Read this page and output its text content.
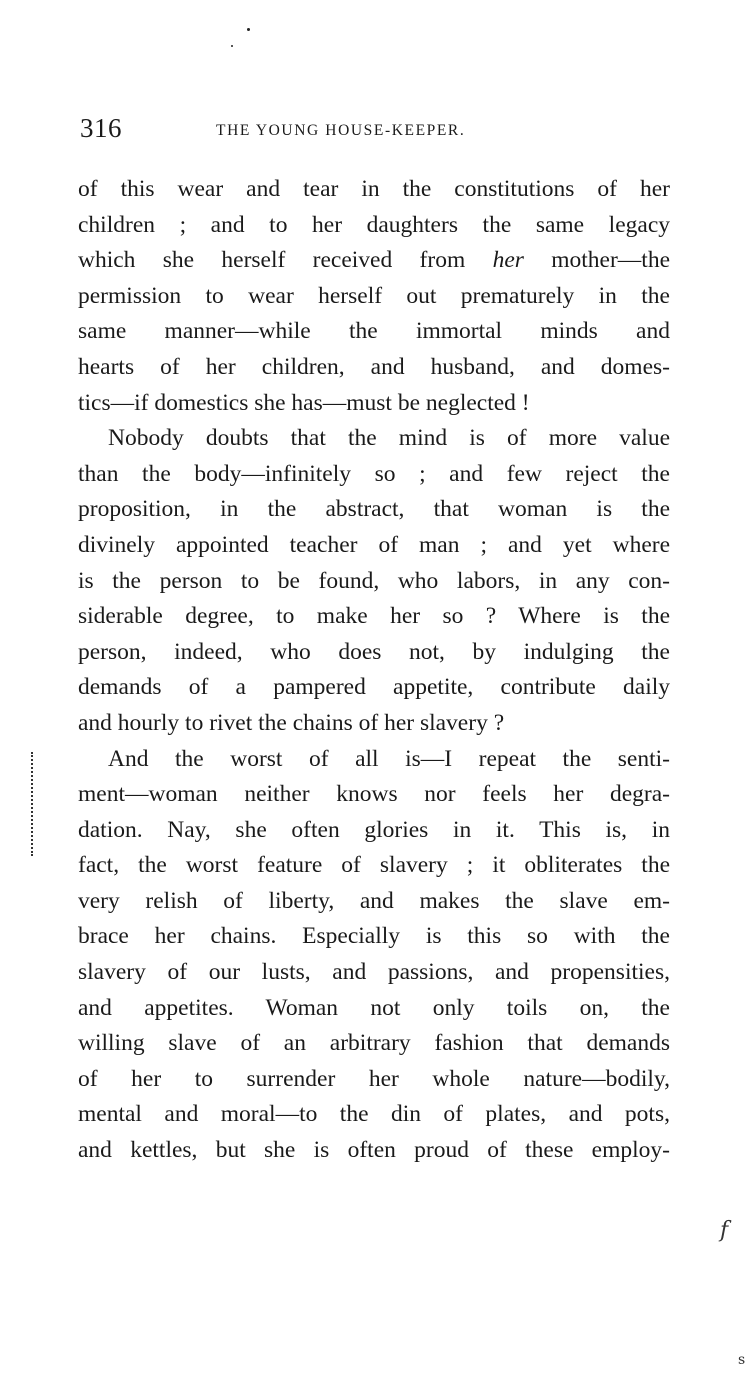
316	THE YOUNG HOUSE-KEEPER.
of this wear and tear in the constitutions of her
children ; and to her daughters the same legacy
which she herself received from her mother—the
permission to wear herself out prematurely in the
same manner—while the immortal minds and
hearts of her children, and husband, and domes-
tics—if domestics she has—must be neglected !
Nobody doubts that the mind is of more value
than the body—infinitely so ; and few reject the
proposition, in the abstract, that woman is the
divinely appointed teacher of man ; and yet where
is the person to be found, who labors, in any con-
siderable degree, to make her so ? Where is the
person, indeed, who does not, by indulging the
demands of a pampered appetite, contribute daily
and hourly to rivet the chains of her slavery ?
And the worst of all is—I repeat the senti-
ment—woman neither knows nor feels her degra-
dation. Nay, she often glories in it. This is, in
fact, the worst feature of slavery ; it obliterates the
very relish of liberty, and makes the slave em-
brace her chains. Especially is this so with the
slavery of our lusts, and passions, and propensities,
and appetites. Woman not only toils on, the
willing slave of an arbitrary fashion that demands
of her to surrender her whole nature—bodily,
mental and moral—to the din of plates, and pots,
and kettles, but she is often proud of these employ-
f
s
